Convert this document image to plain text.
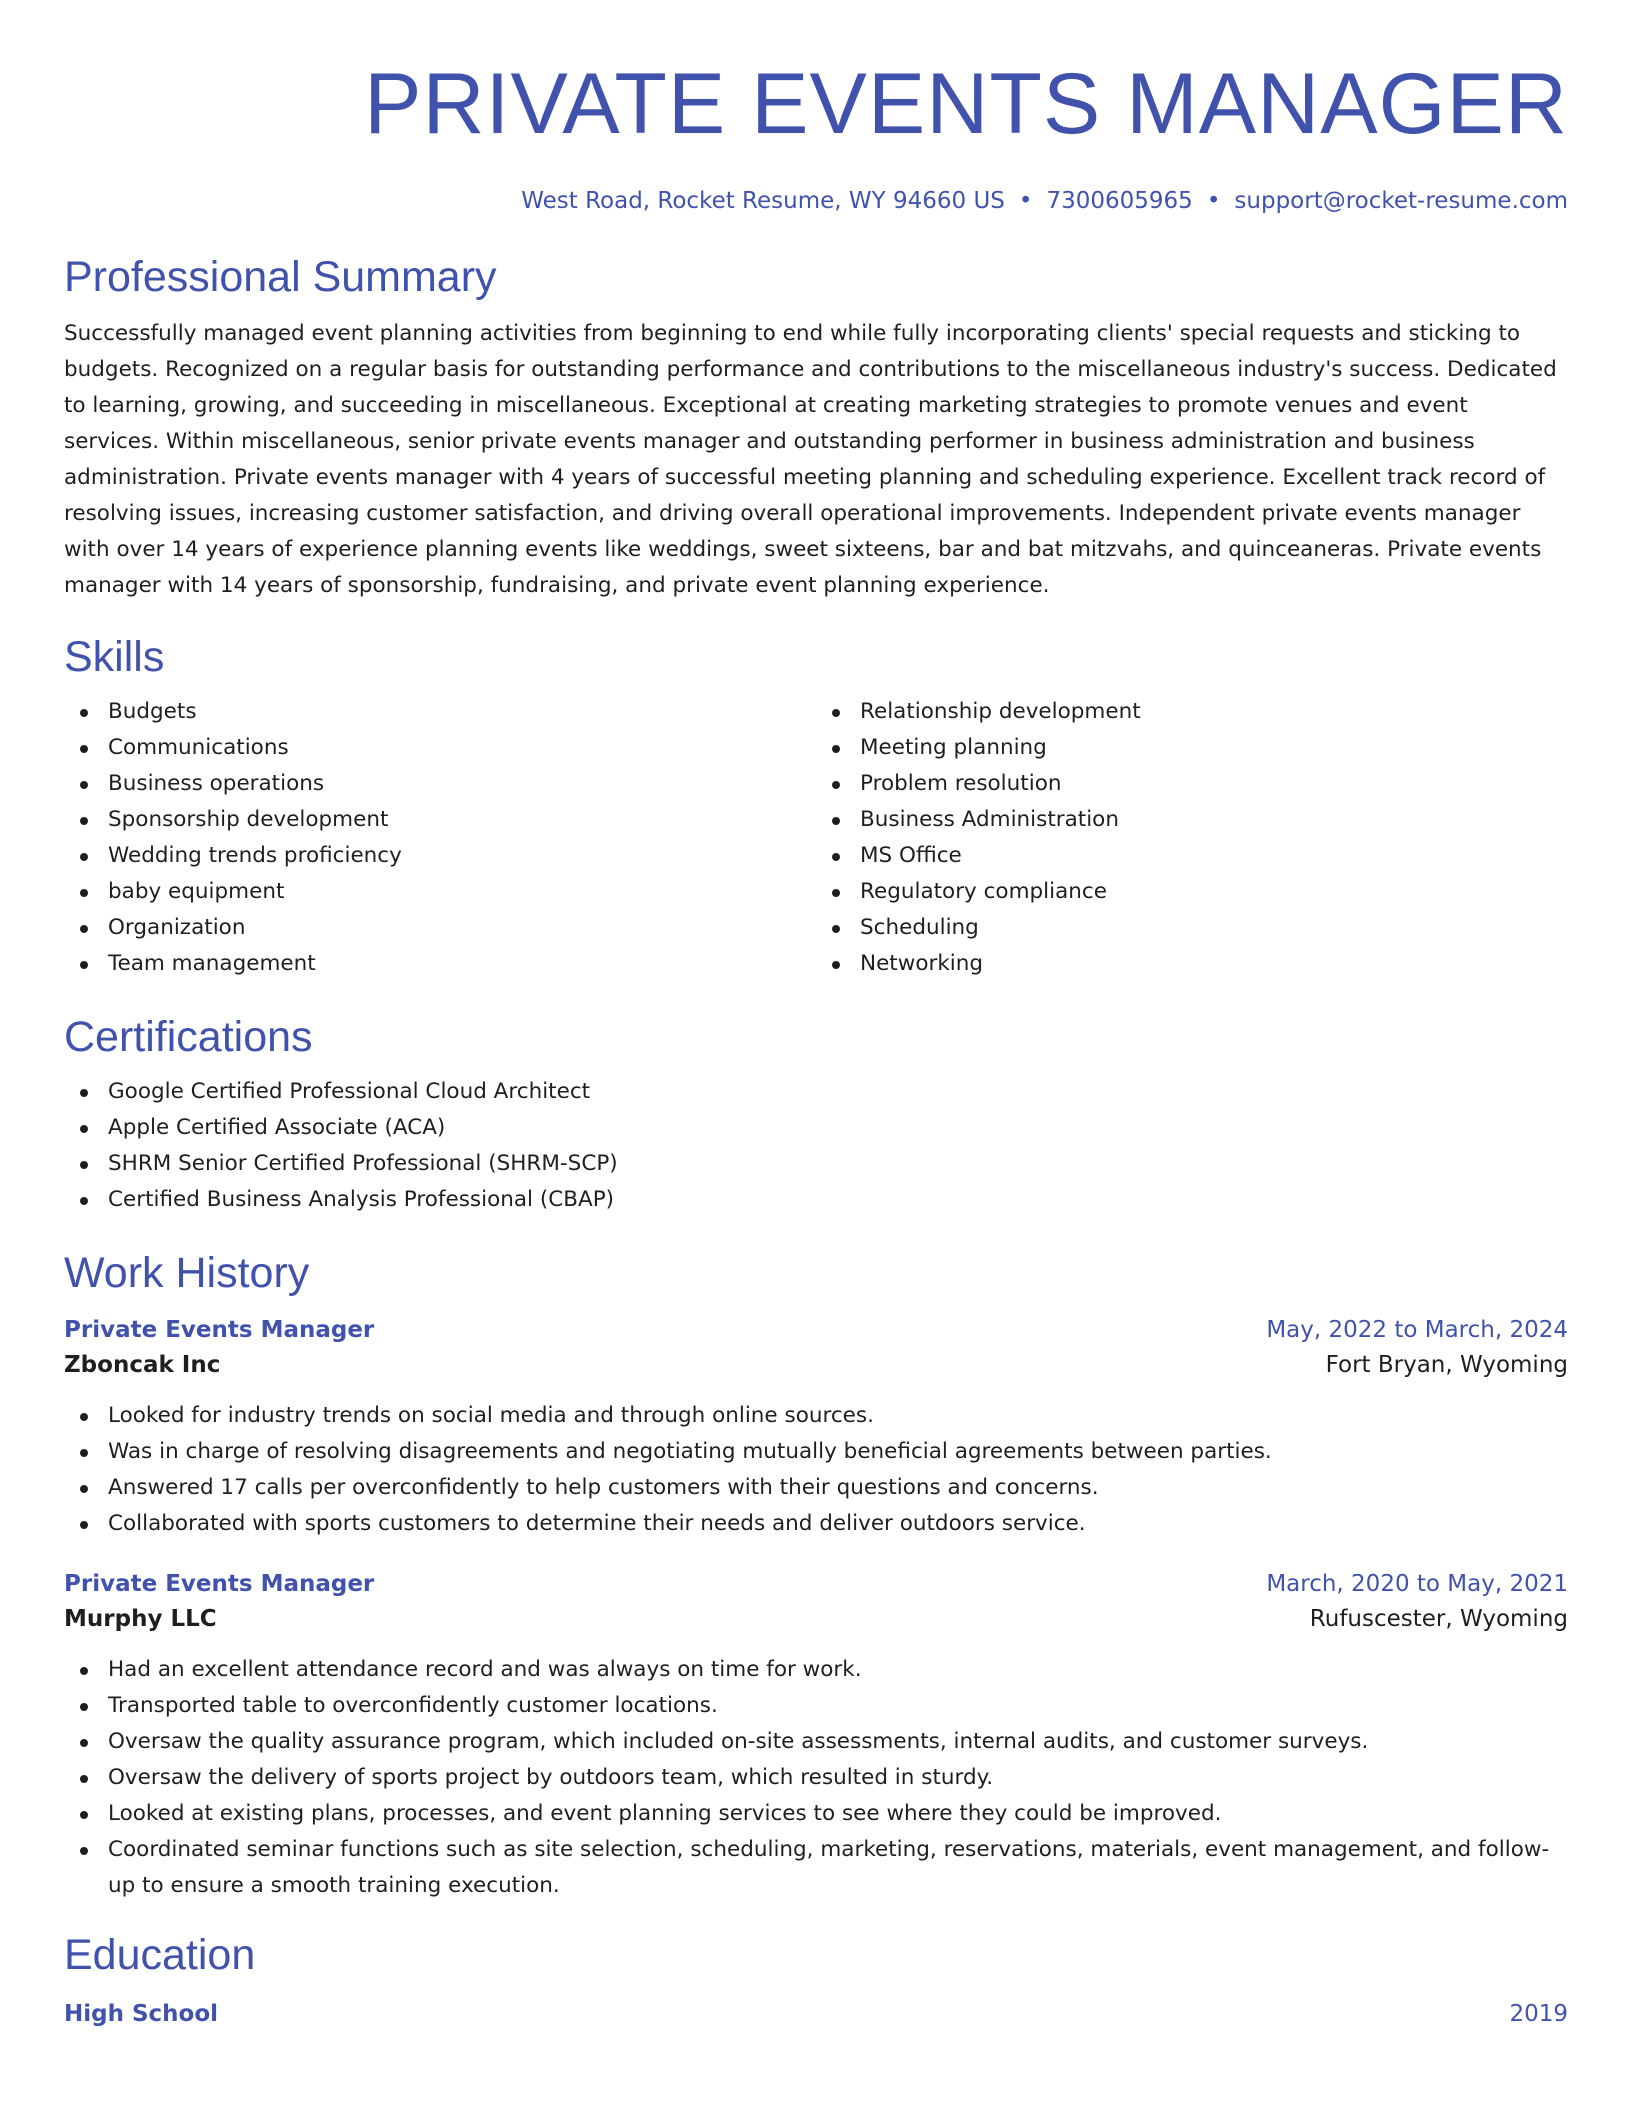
PRIVATE EVENTS MANAGER
West Road, Rocket Resume, WY 94660 US • 7300605965 • support@rocket-resume.com
Professional Summary

Successfully managed event planning activities from beginning to end while fully incorporating clients' special requests and sticking to budgets. Recognized on a regular basis for outstanding performance and contributions to the miscellaneous industry's success. Dedicated to learning, growing, and succeeding in miscellaneous. Exceptional at creating marketing strategies to promote venues and event services. Within miscellaneous, senior private events manager and outstanding performer in business administration and business administration. Private events manager with 4 years of successful meeting planning and scheduling experience. Excellent track record of resolving issues, increasing customer satisfaction, and driving overall operational improvements. Independent private events manager with over 14 years of experience planning events like weddings, sweet sixteens, bar and bat mitzvahs, and quinceaneras. Private events manager with 14 years of sponsorship, fundraising, and private event planning experience.

Skills
Budgets
Communications
Business operations
Sponsorship development
Wedding trends proficiency
baby equipment
Organization
Team management
Relationship development
Meeting planning
Problem resolution
Business Administration
MS Office
Regulatory compliance
Scheduling
Networking
Certifications
Google Certified Professional Cloud Architect
Apple Certified Associate (ACA)
SHRM Senior Certified Professional (SHRM-SCP)
Certified Business Analysis Professional (CBAP)
Work History
Private Events Manager	May, 2022 to March, 2024
Zboncak Inc	Fort Bryan, Wyoming
Looked for industry trends on social media and through online sources.
Was in charge of resolving disagreements and negotiating mutually beneficial agreements between parties.
Answered 17 calls per overconfidently to help customers with their questions and concerns.
Collaborated with sports customers to determine their needs and deliver outdoors service.
Private Events Manager	March, 2020 to May, 2021
Murphy LLC	Rufuscester, Wyoming
Had an excellent attendance record and was always on time for work.
Transported table to overconfidently customer locations.
Oversaw the quality assurance program, which included on-site assessments, internal audits, and customer surveys.
Oversaw the delivery of sports project by outdoors team, which resulted in sturdy.
Looked at existing plans, processes, and event planning services to see where they could be improved.
Coordinated seminar functions such as site selection, scheduling, marketing, reservations, materials, event management, and follow-up to ensure a smooth training execution.
Education
High School	2019
